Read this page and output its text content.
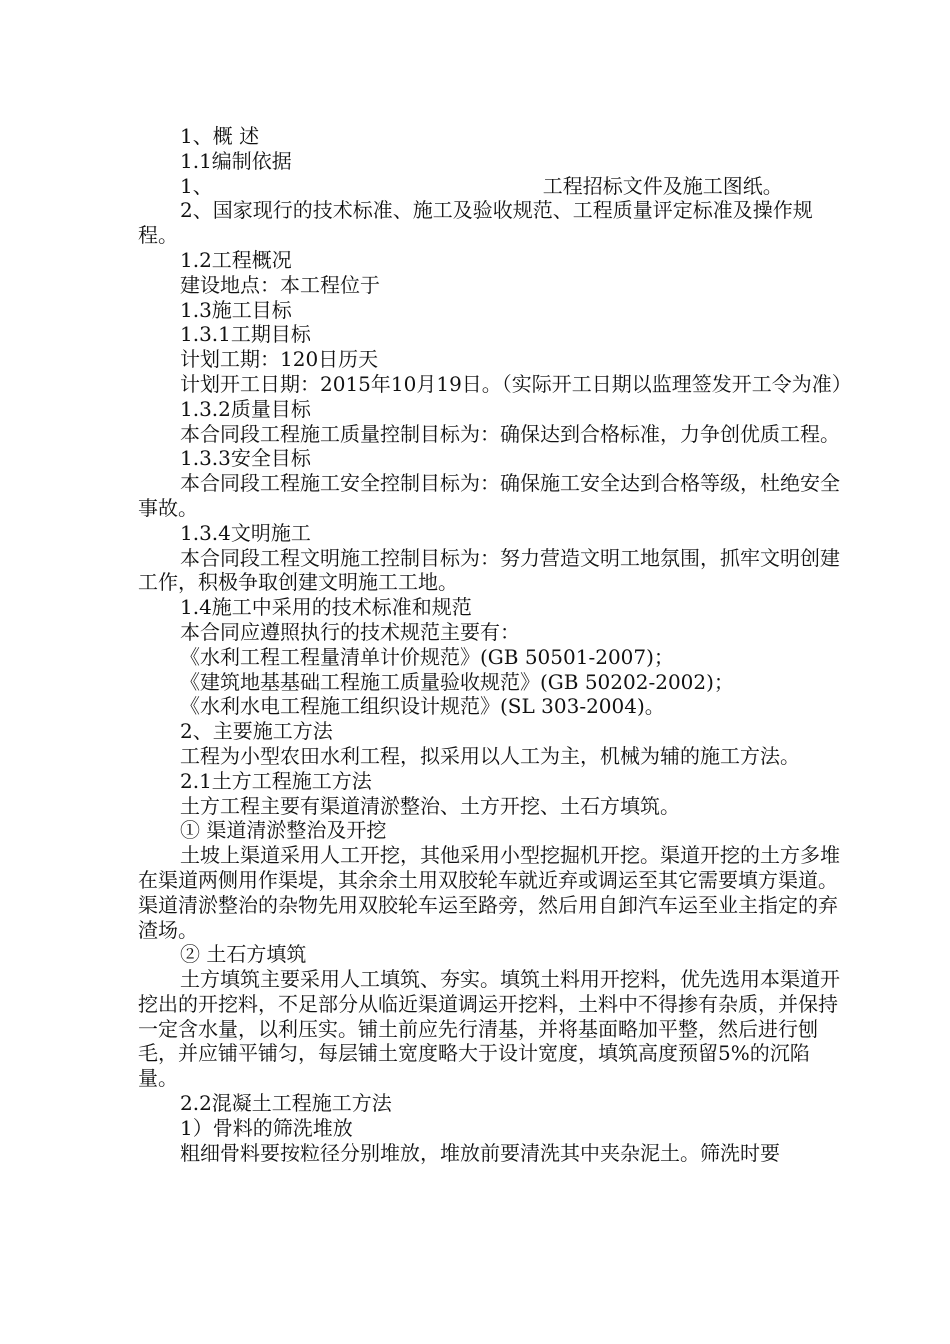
1、概 述

1.1编制依据

1、	工程招标文件及施工图纸。

2、国家现行的技术标准、施工及验收规范、工程质量评定标准及操作规程。

1.2工程概况

建设地点：本工程位于

1.3施工目标

1.3.1工期目标

计划工期：120日历天

计划开工日期：2015年10月19日。（实际开工日期以监理签发开工令为准）

1.3.2质量目标

本合同段工程施工质量控制目标为：确保达到合格标准，力争创优质工程。

1.3.3安全目标

本合同段工程施工安全控制目标为：确保施工安全达到合格等级，杜绝安全事故。

1.3.4文明施工

本合同段工程文明施工控制目标为：努力营造文明工地氛围，抓牢文明创建工作，积极争取创建文明施工工地。

1.4施工中采用的技术标准和规范

本合同应遵照执行的技术规范主要有：

《水利工程工程量清单计价规范》(GB 50501-2007)；

《建筑地基基础工程施工质量验收规范》(GB 50202-2002)；

《水利水电工程施工组织设计规范》(SL 303-2004)。

2、主要施工方法

工程为小型农田水利工程，拟采用以人工为主，机械为辅的施工方法。

2.1土方工程施工方法

土方工程主要有渠道清淤整治、土方开挖、土石方填筑。

① 渠道清淤整治及开挖

土坡上渠道采用人工开挖，其他采用小型挖掘机开挖。渠道开挖的土方多堆在渠道两侧用作渠堤，其余余土用双胶轮车就近弃或调运至其它需要填方渠道。渠道清淤整治的杂物先用双胶轮车运至路旁，然后用自卸汽车运至业主指定的弃渣场。

② 土石方填筑

土方填筑主要采用人工填筑、夯实。填筑土料用开挖料，优先选用本渠道开挖出的开挖料，不足部分从临近渠道调运开挖料，土料中不得掺有杂质，并保持一定含水量，以利压实。铺土前应先行清基，并将基面略加平整，然后进行刨毛，并应铺平铺匀，每层铺土宽度略大于设计宽度，填筑高度预留5%的沉陷量。

2.2混凝土工程施工方法

1）骨料的筛洗堆放

粗细骨料要按粒径分别堆放，堆放前要清洗其中夹杂泥土。筛洗时要
